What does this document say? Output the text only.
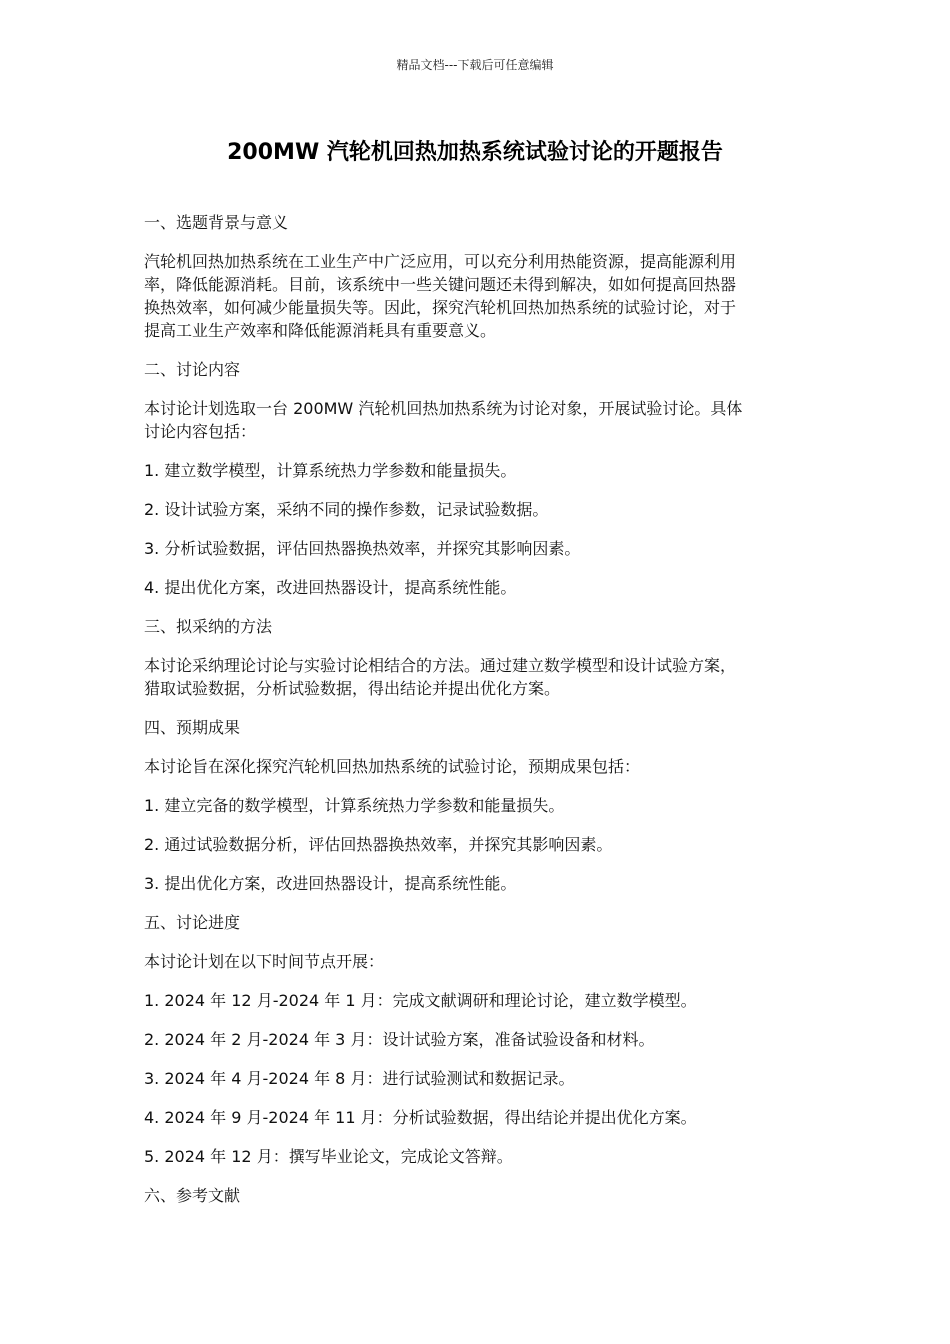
精品文档---下载后可任意编辑
200MW 汽轮机回热加热系统试验讨论的开题报告
一、选题背景与意义
汽轮机回热加热系统在工业生产中广泛应用，可以充分利用热能资源，提高能源利用
率，降低能源消耗。目前，该系统中一些关键问题还未得到解决，如如何提高回热器
换热效率，如何减少能量损失等。因此，探究汽轮机回热加热系统的试验讨论，对于
提高工业生产效率和降低能源消耗具有重要意义。
二、讨论内容
本讨论计划选取一台 200MW 汽轮机回热加热系统为讨论对象，开展试验讨论。具体
讨论内容包括：
1. 建立数学模型，计算系统热力学参数和能量损失。
2. 设计试验方案，采纳不同的操作参数，记录试验数据。
3. 分析试验数据，评估回热器换热效率，并探究其影响因素。
4. 提出优化方案，改进回热器设计，提高系统性能。
三、拟采纳的方法
本讨论采纳理论讨论与实验讨论相结合的方法。通过建立数学模型和设计试验方案，
猎取试验数据，分析试验数据，得出结论并提出优化方案。
四、预期成果
本讨论旨在深化探究汽轮机回热加热系统的试验讨论，预期成果包括：
1. 建立完备的数学模型，计算系统热力学参数和能量损失。
2. 通过试验数据分析，评估回热器换热效率，并探究其影响因素。
3. 提出优化方案，改进回热器设计，提高系统性能。
五、讨论进度
本讨论计划在以下时间节点开展：
1. 2024 年 12 月-2024 年 1 月：完成文献调研和理论讨论，建立数学模型。
2. 2024 年 2 月-2024 年 3 月：设计试验方案，准备试验设备和材料。
3. 2024 年 4 月-2024 年 8 月：进行试验测试和数据记录。
4. 2024 年 9 月-2024 年 11 月：分析试验数据，得出结论并提出优化方案。
5. 2024 年 12 月：撰写毕业论文，完成论文答辩。
六、参考文献
